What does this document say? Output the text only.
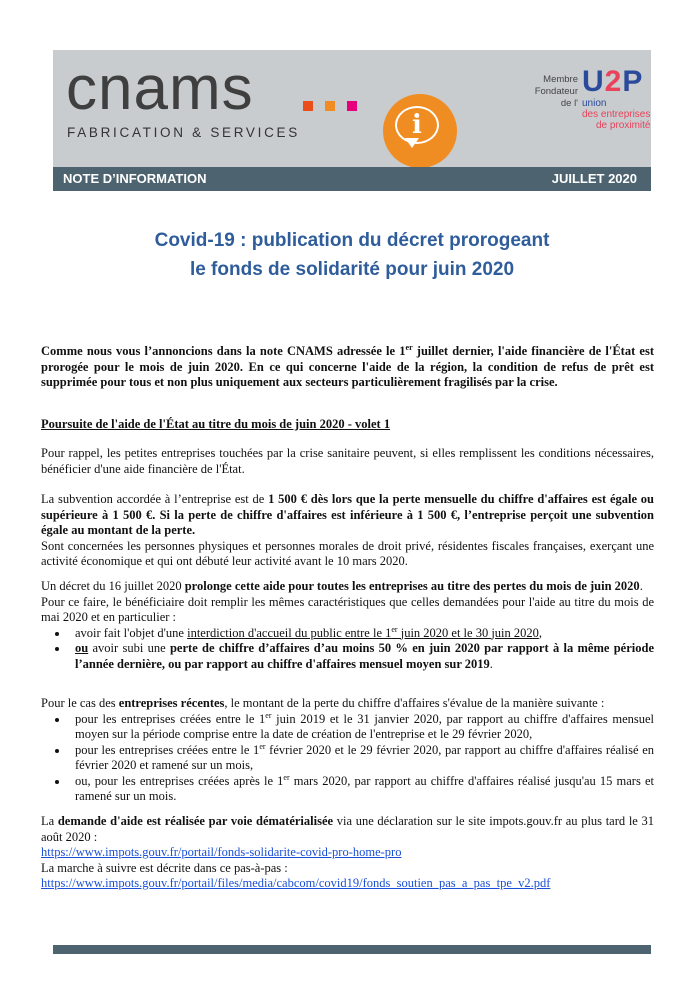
cnams
FABRICATION & SERVICES	i
Membre
Fondateur
de l'
U2P
union
des entreprises
de proximité
NOTE D’INFORMATION	JUILLET 2020
Covid-19 : publication du décret prorogeant
le fonds de solidarité pour juin 2020

Comme nous vous l’annoncions dans la note CNAMS adressée le 1er juillet dernier, l'aide financière de l'État est prorogée pour le mois de juin 2020. En ce qui concerne l'aide de la région, la condition de refus de prêt est supprimée pour tous et non plus uniquement aux secteurs particulièrement fragilisés par la crise.

Poursuite de l'aide de l'État au titre du mois de juin 2020 - volet 1

Pour rappel, les petites entreprises touchées par la crise sanitaire peuvent, si elles remplissent les conditions nécessaires, bénéficier d'une aide financière de l'État.

La subvention accordée à l’entreprise est de 1 500 € dès lors que la perte mensuelle du chiffre d'affaires est égale ou supérieure à 1 500 €. Si la perte de chiffre d'affaires est inférieure à 1 500 €, l’entreprise perçoit une subvention égale au montant de la perte.

Sont concernées les personnes physiques et personnes morales de droit privé, résidentes fiscales françaises, exerçant une activité économique et qui ont débuté leur activité avant le 10 mars 2020.

Un décret du 16 juillet 2020 prolonge cette aide pour toutes les entreprises au titre des pertes du mois de juin 2020.

Pour ce faire, le bénéficiaire doit remplir les mêmes caractéristiques que celles demandées pour l'aide au titre du mois de mai 2020 et en particulier :

• avoir fait l'objet d'une interdiction d'accueil du public entre le 1er juin 2020 et le 30 juin 2020,
• ou avoir subi une perte de chiffre d’affaires d’au moins 50 % en juin 2020 par rapport à la même période l’année dernière, ou par rapport au chiffre d'affaires mensuel moyen sur 2019.

Pour le cas des entreprises récentes, le montant de la perte du chiffre d'affaires s'évalue de la manière suivante :

• pour les entreprises créées entre le 1er juin 2019 et le 31 janvier 2020, par rapport au chiffre d'affaires mensuel moyen sur la période comprise entre la date de création de l'entreprise et le 29 février 2020,
• pour les entreprises créées entre le 1er février 2020 et le 29 février 2020, par rapport au chiffre d'affaires réalisé en février 2020 et ramené sur un mois,
• ou, pour les entreprises créées après le 1er mars 2020, par rapport au chiffre d'affaires réalisé jusqu'au 15 mars et ramené sur un mois.

La demande d'aide est réalisée par voie dématérialisée via une déclaration sur le site impots.gouv.fr au plus tard le 31 août 2020 :

https://www.impots.gouv.fr/portail/fonds-solidarite-covid-pro-home-pro

La marche à suivre est décrite dans ce pas-à-pas :

https://www.impots.gouv.fr/portail/files/media/cabcom/covid19/fonds_soutien_pas_a_pas_tpe_v2.pdf
